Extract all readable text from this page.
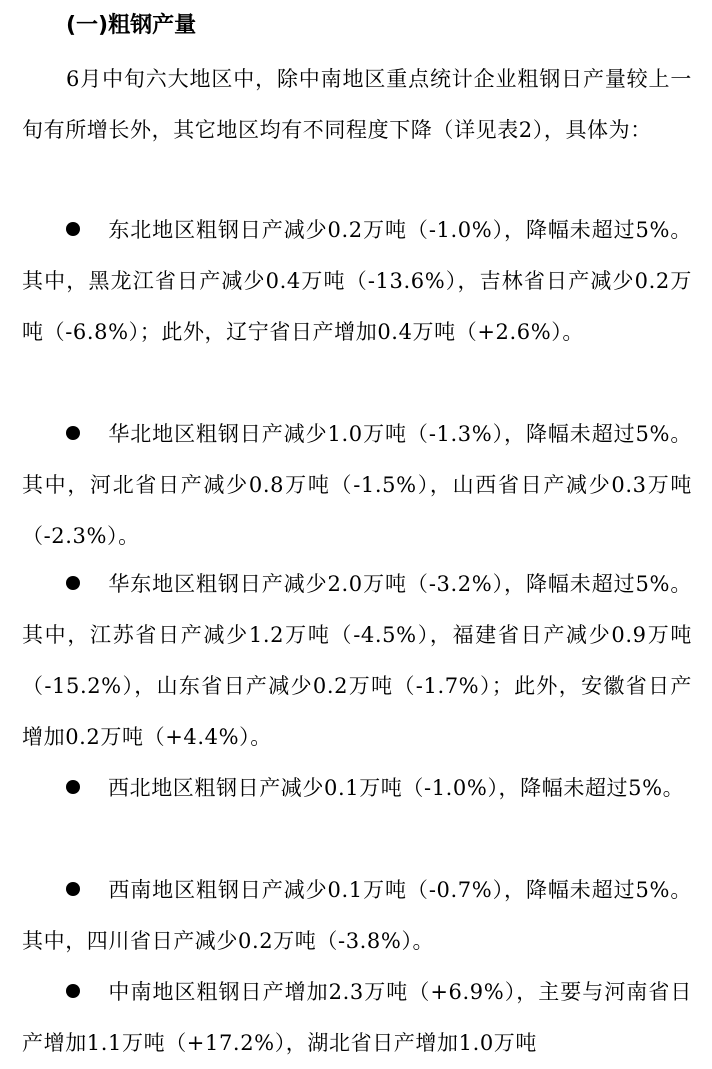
(一)粗钢产量

6月中旬六大地区中，除中南地区重点统计企业粗钢日产量较上一旬有所增长外，其它地区均有不同程度下降（详见表2），具体为：

东北地区粗钢日产减少0.2万吨（-1.0%），降幅未超过5%。其中，黑龙江省日产减少0.4万吨（-13.6%），吉林省日产减少0.2万吨（-6.8%）；此外，辽宁省日产增加0.4万吨（+2.6%）。

华北地区粗钢日产减少1.0万吨（-1.3%），降幅未超过5%。其中，河北省日产减少0.8万吨（-1.5%），山西省日产减少0.3万吨（-2.3%）。

华东地区粗钢日产减少2.0万吨（-3.2%），降幅未超过5%。其中，江苏省日产减少1.2万吨（-4.5%），福建省日产减少0.9万吨（-15.2%），山东省日产减少0.2万吨（-1.7%）；此外，安徽省日产增加0.2万吨（+4.4%）。

西北地区粗钢日产减少0.1万吨（-1.0%），降幅未超过5%。

西南地区粗钢日产减少0.1万吨（-0.7%），降幅未超过5%。其中，四川省日产减少0.2万吨（-3.8%）。

中南地区粗钢日产增加2.3万吨（+6.9%），主要与河南省日产增加1.1万吨（+17.2%），湖北省日产增加1.0万吨
